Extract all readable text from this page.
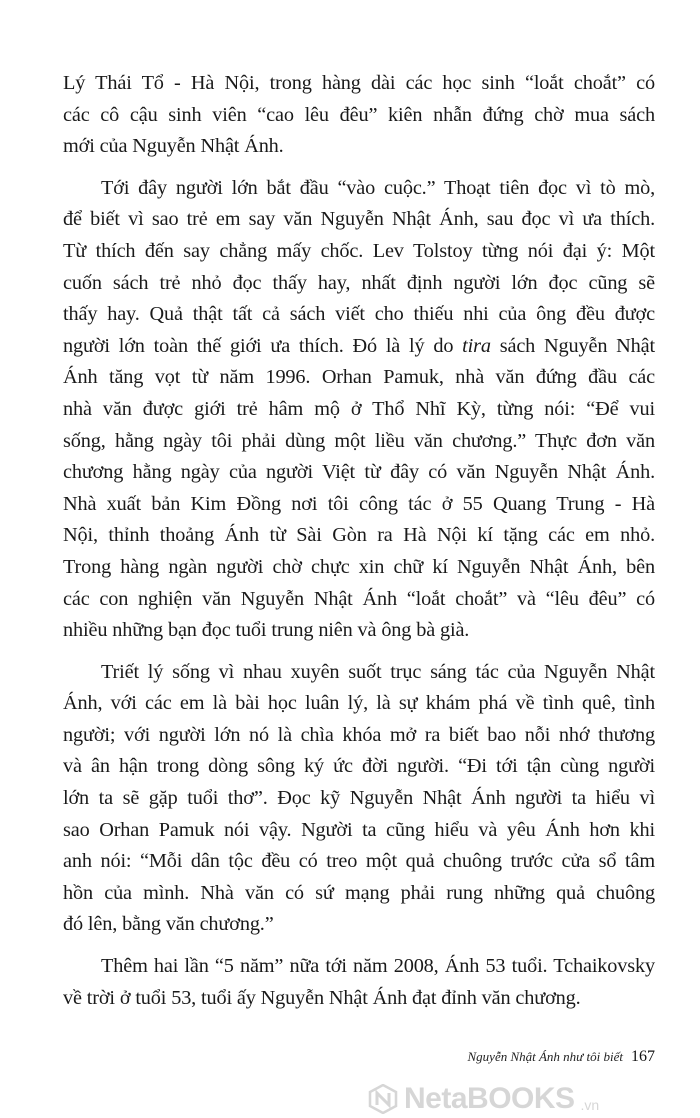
Lý Thái Tổ - Hà Nội, trong hàng dài các học sinh “loắt choắt” có
các cô cậu sinh viên “cao lêu đêu” kiên nhẫn đứng chờ mua sách
mới của Nguyễn Nhật Ánh.
Tới đây người lớn bắt đầu “vào cuộc.” Thoạt tiên đọc vì tò mò,
để biết vì sao trẻ em say văn Nguyễn Nhật Ánh, sau đọc vì ưa thích.
Từ thích đến say chẳng mấy chốc. Lev Tolstoy từng nói đại ý: Một
cuốn sách trẻ nhỏ đọc thấy hay, nhất định người lớn đọc cũng sẽ
thấy hay. Quả thật tất cả sách viết cho thiếu nhi của ông đều được
người lớn toàn thế giới ưa thích. Đó là lý do tira sách Nguyễn Nhật
Ánh tăng vọt từ năm 1996. Orhan Pamuk, nhà văn đứng đầu các
nhà văn được giới trẻ hâm mộ ở Thổ Nhĩ Kỳ, từng nói: “Để vui
sống, hằng ngày tôi phải dùng một liều văn chương.” Thực đơn văn
chương hằng ngày của người Việt từ đây có văn Nguyễn Nhật Ánh.
Nhà xuất bản Kim Đồng nơi tôi công tác ở 55 Quang Trung - Hà
Nội, thỉnh thoảng Ánh từ Sài Gòn ra Hà Nội kí tặng các em nhỏ.
Trong hàng ngàn người chờ chực xin chữ kí Nguyễn Nhật Ánh, bên
các con nghiện văn Nguyễn Nhật Ánh “loắt choắt” và “lêu đêu” có
nhiều những bạn đọc tuổi trung niên và ông bà già.
Triết lý sống vì nhau xuyên suốt trục sáng tác của Nguyễn Nhật
Ánh, với các em là bài học luân lý, là sự khám phá về tình quê, tình
người; với người lớn nó là chìa khóa mở ra biết bao nỗi nhớ thương
và ân hận trong dòng sông ký ức đời người. “Đi tới tận cùng người
lớn ta sẽ gặp tuổi thơ”. Đọc kỹ Nguyễn Nhật Ánh người ta hiểu vì
sao Orhan Pamuk nói vậy. Người ta cũng hiểu và yêu Ánh hơn khi
anh nói: “Mỗi dân tộc đều có treo một quả chuông trước cửa sổ tâm
hồn của mình. Nhà văn có sứ mạng phải rung những quả chuông
đó lên, bằng văn chương.”
Thêm hai lần “5 năm” nữa tới năm 2008, Ánh 53 tuổi. Tchaikovsky
về trời ở tuổi 53, tuổi ấy Nguyễn Nhật Ánh đạt đỉnh văn chương.
Nguyễn Nhật Ánh như tôi biết 167
NetaBOOKS .vn
